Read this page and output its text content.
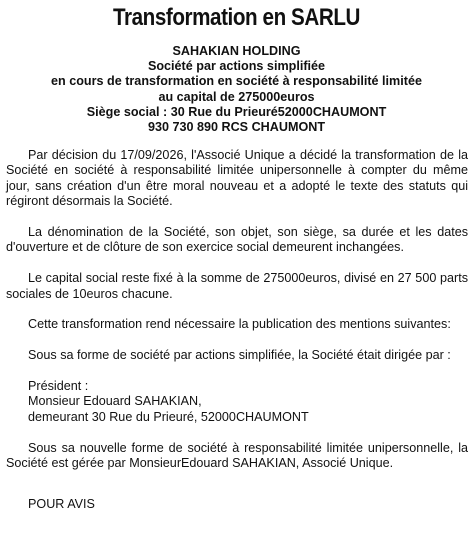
Transformation en SARLU
SAHAKIAN HOLDING
Société par actions simplifiée
en cours de transformation en société à responsabilité limitée
au capital de 275000euros
Siège social : 30 Rue du Prieuré52000CHAUMONT
930 730 890 RCS CHAUMONT

Par décision du 17/09/2026, l'Associé Unique a décidé la transformation de la Société en société à responsabilité limitée unipersonnelle à compter du même jour, sans création d'un être moral nouveau et a adopté le texte des statuts qui régiront désormais la Société.

La dénomination de la Société, son objet, son siège, sa durée et les dates d'ouverture et de clôture de son exercice social demeurent inchangées.

Le capital social reste fixé à la somme de 275000euros, divisé en 27 500 parts sociales de 10euros chacune.

Cette transformation rend nécessaire la publication des mentions suivantes:

Sous sa forme de société par actions simplifiée, la Société était dirigée par :

Président :
Monsieur Edouard SAHAKIAN,
demeurant 30 Rue du Prieuré, 52000CHAUMONT

Sous sa nouvelle forme de société à responsabilité limitée unipersonnelle, la Société est gérée par MonsieurEdouard SAHAKIAN, Associé Unique.

POUR AVIS
